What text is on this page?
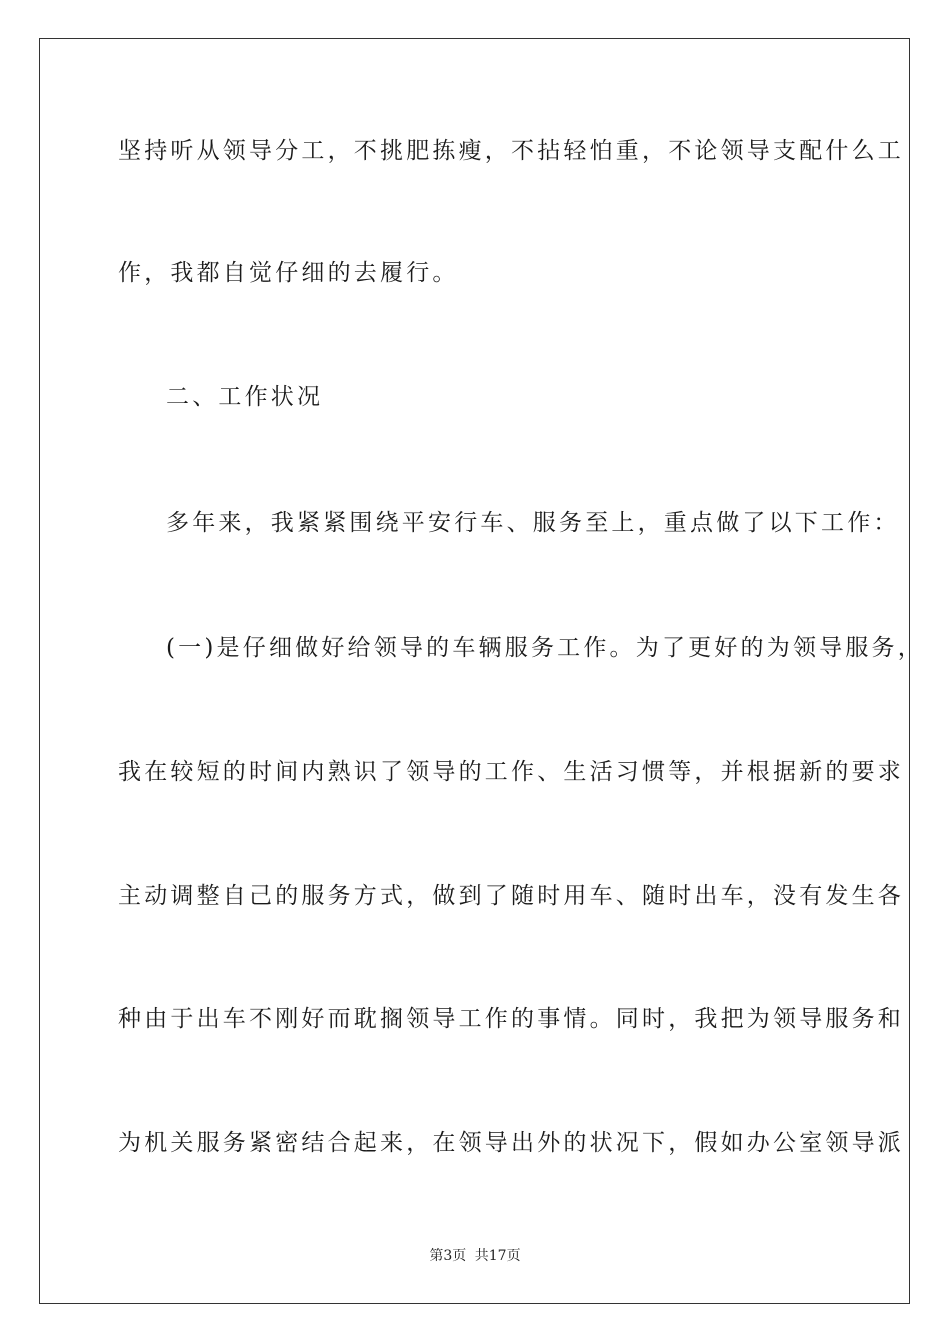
坚持听从领导分工，不挑肥拣瘦，不拈轻怕重，不论领导支配什么工
作，我都自觉仔细的去履行。
二、工作状况
多年来，我紧紧围绕平安行车、服务至上，重点做了以下工作：
(一)是仔细做好给领导的车辆服务工作。为了更好的为领导服务，
我在较短的时间内熟识了领导的工作、生活习惯等，并根据新的要求
主动调整自己的服务方式，做到了随时用车、随时出车，没有发生各
种由于出车不刚好而耽搁领导工作的事情。同时，我把为领导服务和
为机关服务紧密结合起来，在领导出外的状况下，假如办公室领导派
第3页 共17页
